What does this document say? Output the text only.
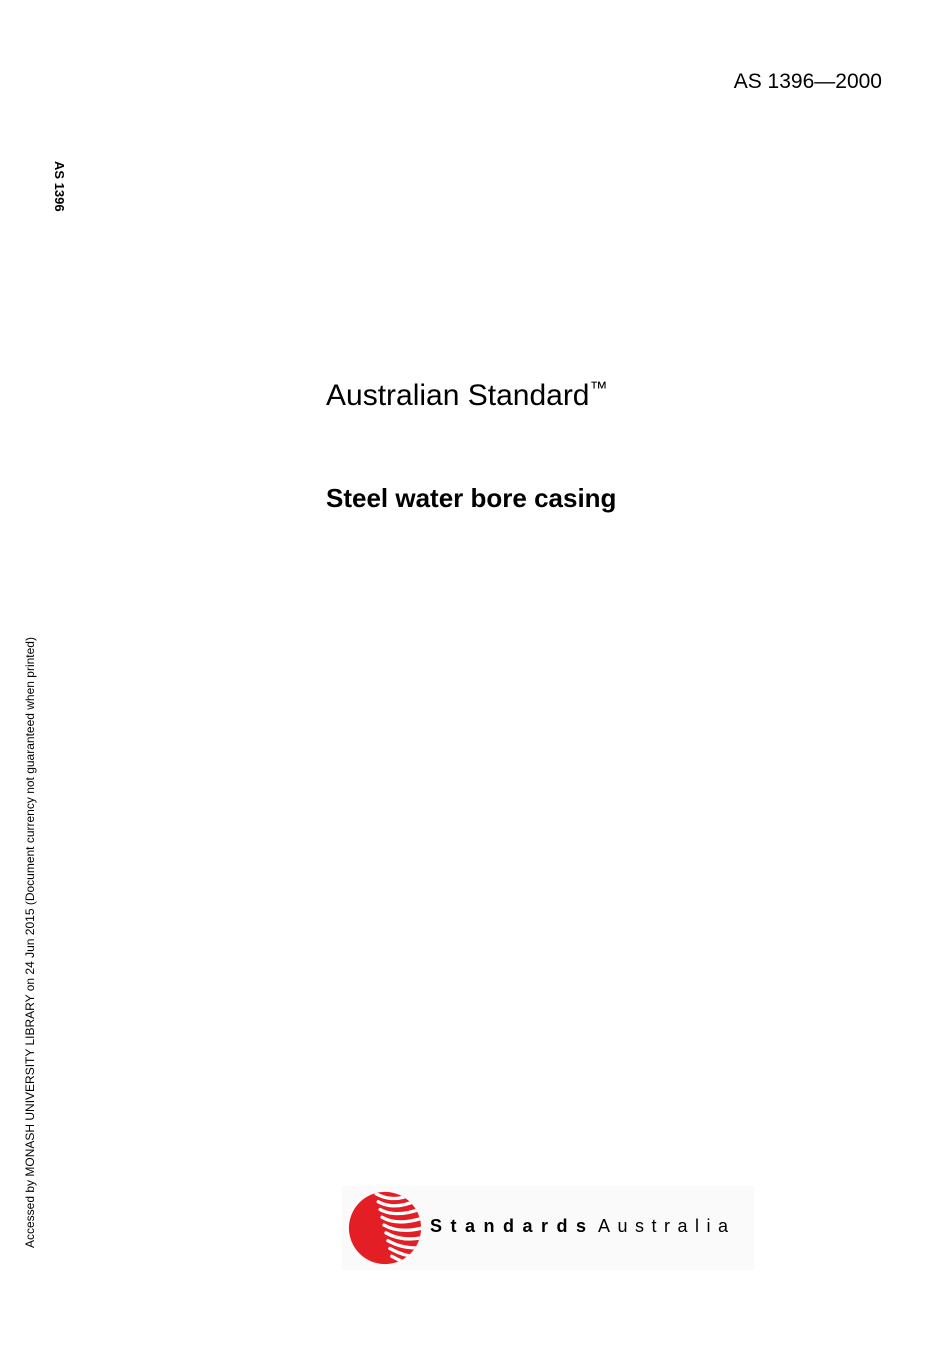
AS 1396—2000
AS 1396
Accessed by MONASH UNIVERSITY LIBRARY on 24 Jun 2015 (Document currency not guaranteed when printed)
Australian Standard™
Steel water bore casing
Standards Australia
